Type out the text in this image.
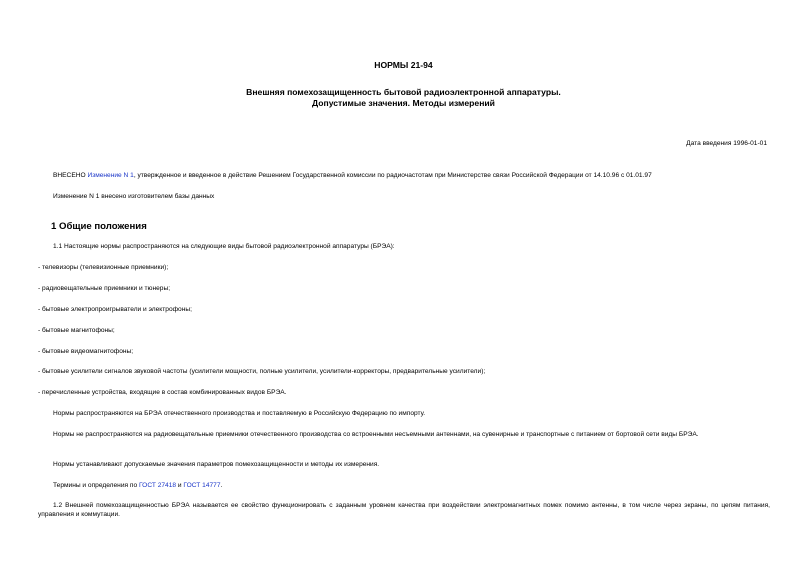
НОРМЫ 21-94
Внешняя помехозащищенность бытовой радиоэлектронной аппаратуры.
Допустимые значения. Методы измерений
Дата введения 1996-01-01
ВНЕСЕНО Изменение N 1, утвержденное и введенное в действие Решением Государственной комиссии по радиочастотам при Министерстве связи Российской Федерации от 14.10.96 с 01.01.97
Изменение N 1 внесено изготовителем базы данных
1 Общие положения
1.1 Настоящие нормы распространяются на следующие виды бытовой радиоэлектронной аппаратуры (БРЭА):
- телевизоры (телевизионные приемники);
- радиовещательные приемники и тюнеры;
- бытовые электропроигрыватели и электрофоны;
- бытовые магнитофоны;
- бытовые видеомагнитофоны;
- бытовые усилители сигналов звуковой частоты (усилители мощности, полные усилители, усилители-корректоры, предварительные усилители);
- перечисленные устройства, входящие в состав комбинированных видов БРЭА.
Нормы распространяются на БРЭА отечественного производства и поставляемую в Российскую Федерацию по импорту.
Нормы не распространяются на радиовещательные приемники отечественного производства со встроенными несъемными антеннами, на сувенирные и транспортные с питанием от бортовой сети виды БРЭА.
Нормы устанавливают допускаемые значения параметров помехозащищенности и методы их измерения.
Термины и определения по ГОСТ 27418 и ГОСТ 14777.
1.2 Внешней помехозащищенностью БРЭА называется ее свойство функционировать с заданным уровнем качества при воздействии электромагнитных помех помимо антенны, в том числе через экраны, по цепям питания, управления и коммутации.
